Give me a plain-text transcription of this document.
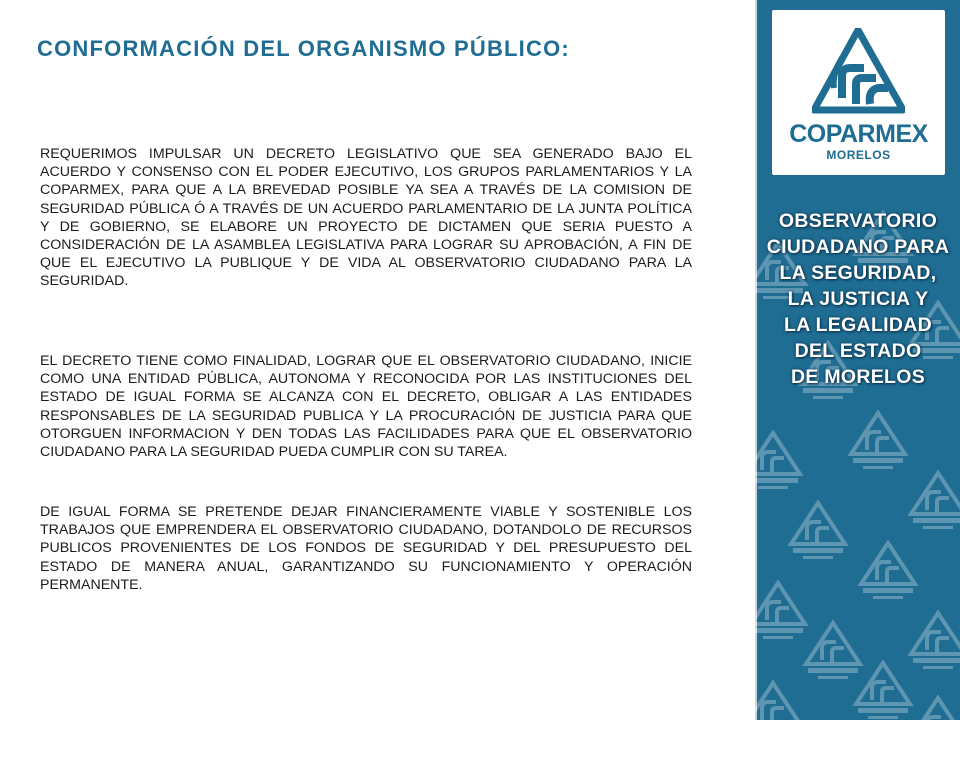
CONFORMACIÓN DEL ORGANISMO PÚBLICO:

REQUERIMOS IMPULSAR UN DECRETO LEGISLATIVO QUE SEA GENERADO BAJO EL ACUERDO Y CONSENSO CON EL PODER EJECUTIVO, LOS GRUPOS PARLAMENTARIOS Y LA COPARMEX, PARA QUE A LA BREVEDAD POSIBLE YA SEA A TRAVÉS DE LA COMISION DE SEGURIDAD PÚBLICA Ó A TRAVÉS DE UN ACUERDO PARLAMENTARIO DE LA JUNTA POLÍTICA Y DE GOBIERNO, SE ELABORE UN PROYECTO DE DICTAMEN QUE SERIA PUESTO A CONSIDERACIÓN DE LA ASAMBLEA LEGISLATIVA PARA LOGRAR SU APROBACIÓN, A FIN DE QUE EL EJECUTIVO LA PUBLIQUE Y DE VIDA AL OBSERVATORIO CIUDADANO PARA LA SEGURIDAD.

EL DECRETO TIENE COMO FINALIDAD, LOGRAR QUE EL OBSERVATORIO CIUDADANO, INICIE COMO UNA ENTIDAD PÚBLICA, AUTONOMA Y RECONOCIDA POR LAS INSTITUCIONES DEL ESTADO DE IGUAL FORMA SE ALCANZA CON EL DECRETO, OBLIGAR A LAS ENTIDADES RESPONSABLES DE LA SEGURIDAD PUBLICA Y LA PROCURACIÓN DE JUSTICIA PARA QUE OTORGUEN INFORMACION Y DEN TODAS LAS FACILIDADES PARA QUE EL OBSERVATORIO CIUDADANO PARA LA SEGURIDAD PUEDA CUMPLIR CON SU TAREA.

DE IGUAL FORMA SE PRETENDE DEJAR FINANCIERAMENTE VIABLE Y SOSTENIBLE LOS TRABAJOS QUE EMPRENDERA EL OBSERVATORIO CIUDADANO, DOTANDOLO DE RECURSOS PUBLICOS PROVENIENTES DE LOS FONDOS DE SEGURIDAD Y DEL PRESUPUESTO DEL ESTADO DE MANERA ANUAL, GARANTIZANDO SU FUNCIONAMIENTO Y OPERACIÓN PERMANENTE.

COPARMEX
MORELOS
OBSERVATORIO
CIUDADANO PARA
LA SEGURIDAD,
LA JUSTICIA Y
LA LEGALIDAD
DEL ESTADO
DE MORELOS
